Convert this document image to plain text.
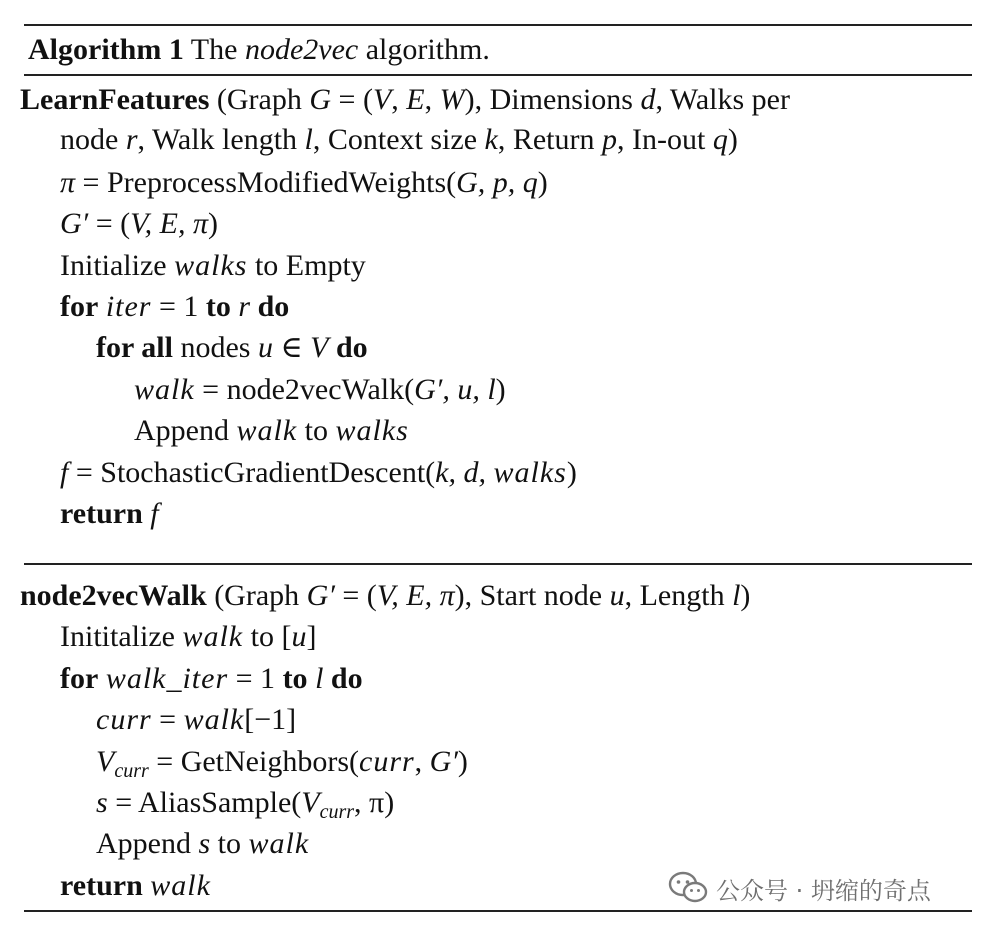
Algorithm 1 The node2vec algorithm.
LearnFeatures (Graph G = (V, E, W), Dimensions d, Walks per
node r, Walk length l, Context size k, Return p, In-out q)
π = PreprocessModifiedWeights(G, p, q)
G′ = (V, E, π)
Initialize walks to Empty
for iter = 1 to r do
for all nodes u ∈ V do
walk = node2vecWalk(G′, u, l)
Append walk to walks
f = StochasticGradientDescent(k, d, walks)
return f
node2vecWalk (Graph G′ = (V, E, π), Start node u, Length l)
Inititalize walk to [u]
for walk_iter = 1 to l do
curr = walk[−1]
$V_{curr}$ = GetNeighbors(curr, G′)
$s = AliasSample(V_{curr}$, π)
Append s to walk
return walk	公众号 · 坍缩的奇点
